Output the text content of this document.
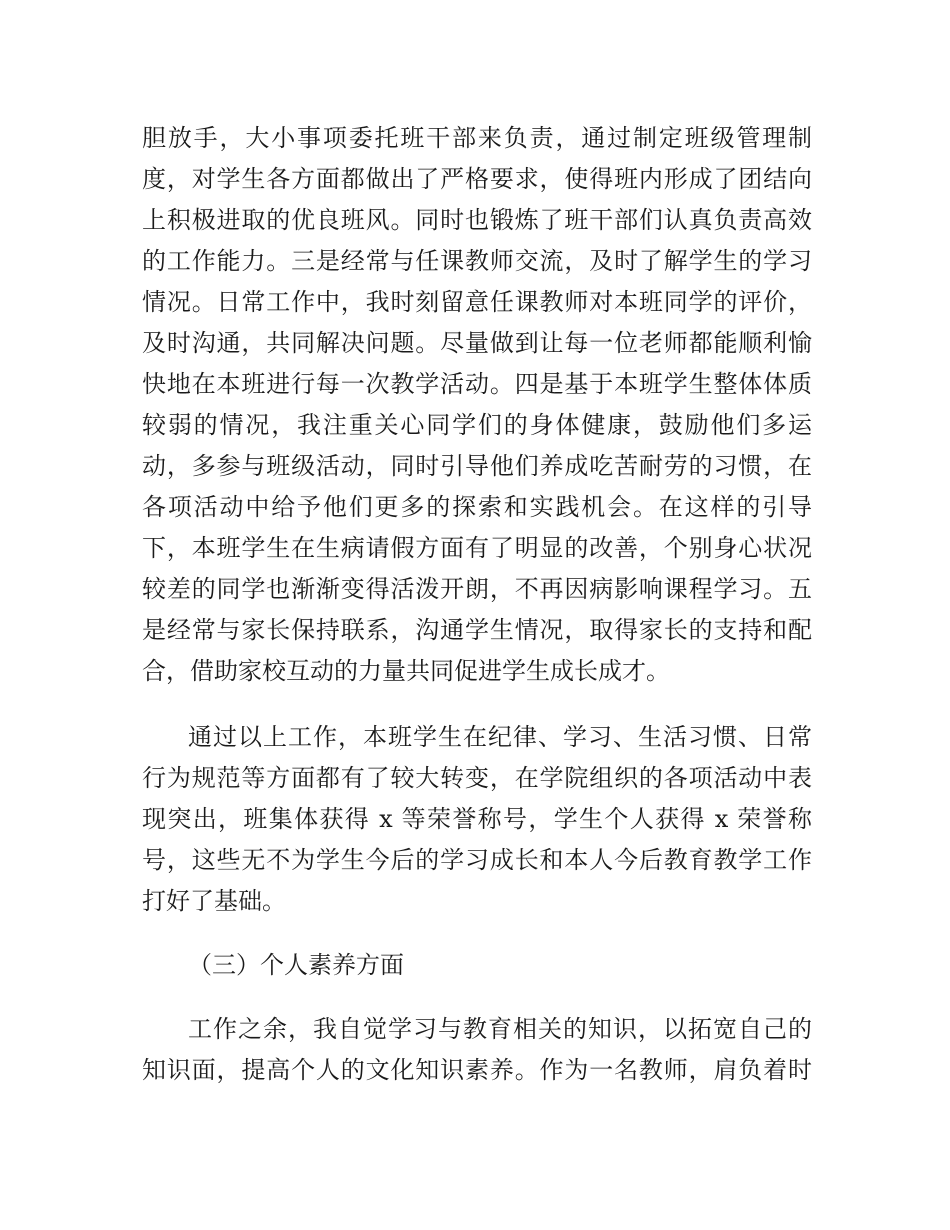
胆放手，大小事项委托班干部来负责，通过制定班级管理制
度，对学生各方面都做出了严格要求，使得班内形成了团结向
上积极进取的优良班风。同时也锻炼了班干部们认真负责高效
的工作能力。三是经常与任课教师交流，及时了解学生的学习
情况。日常工作中，我时刻留意任课教师对本班同学的评价，
及时沟通，共同解决问题。尽量做到让每一位老师都能顺利愉
快地在本班进行每一次教学活动。四是基于本班学生整体体质
较弱的情况，我注重关心同学们的身体健康，鼓励他们多运
动，多参与班级活动，同时引导他们养成吃苦耐劳的习惯，在
各项活动中给予他们更多的探索和实践机会。在这样的引导
下，本班学生在生病请假方面有了明显的改善，个别身心状况
较差的同学也渐渐变得活泼开朗，不再因病影响课程学习。五
是经常与家长保持联系，沟通学生情况，取得家长的支持和配
合，借助家校互动的力量共同促进学生成长成才。
通过以上工作，本班学生在纪律、学习、生活习惯、日常
行为规范等方面都有了较大转变，在学院组织的各项活动中表
现突出，班集体获得 x 等荣誉称号，学生个人获得 x 荣誉称
号，这些无不为学生今后的学习成长和本人今后教育教学工作
打好了基础。
（三）个人素养方面
工作之余，我自觉学习与教育相关的知识，以拓宽自己的
知识面，提高个人的文化知识素养。作为一名教师，肩负着时
